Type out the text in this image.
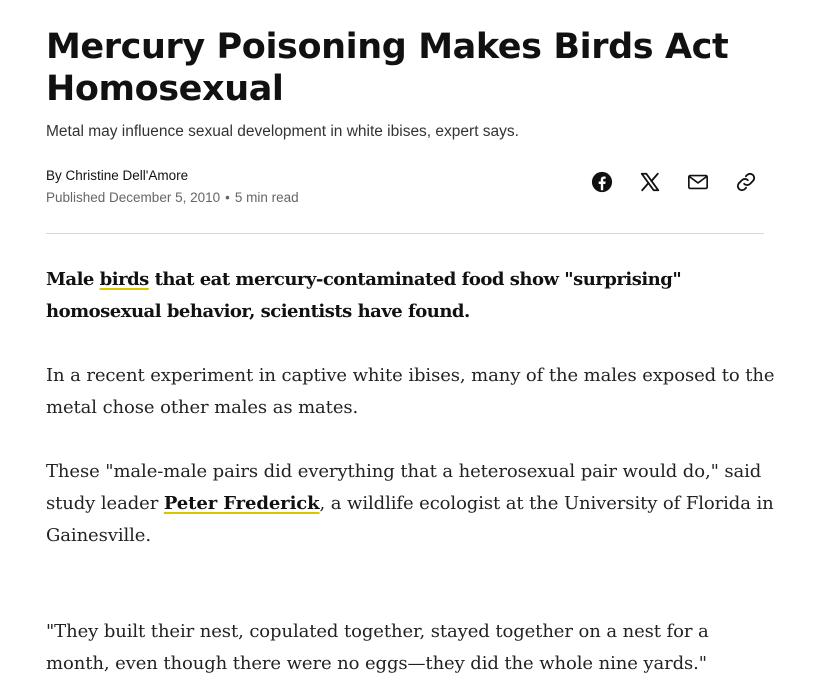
Mercury Poisoning Makes Birds Act Homosexual
Metal may influence sexual development in white ibises, expert says.
By Christine Dell'Amore
Published December 5, 2010 • 5 min read

Male birds that eat mercury-contaminated food show "surprising" homosexual behavior, scientists have found.

In a recent experiment in captive white ibises, many of the males exposed to the metal chose other males as mates.

These "male-male pairs did everything that a heterosexual pair would do," said study leader Peter Frederick, a wildlife ecologist at the University of Florida in Gainesville.

"They built their nest, copulated together, stayed together on a nest for a month, even though there were no eggs—they did the whole nine yards."
